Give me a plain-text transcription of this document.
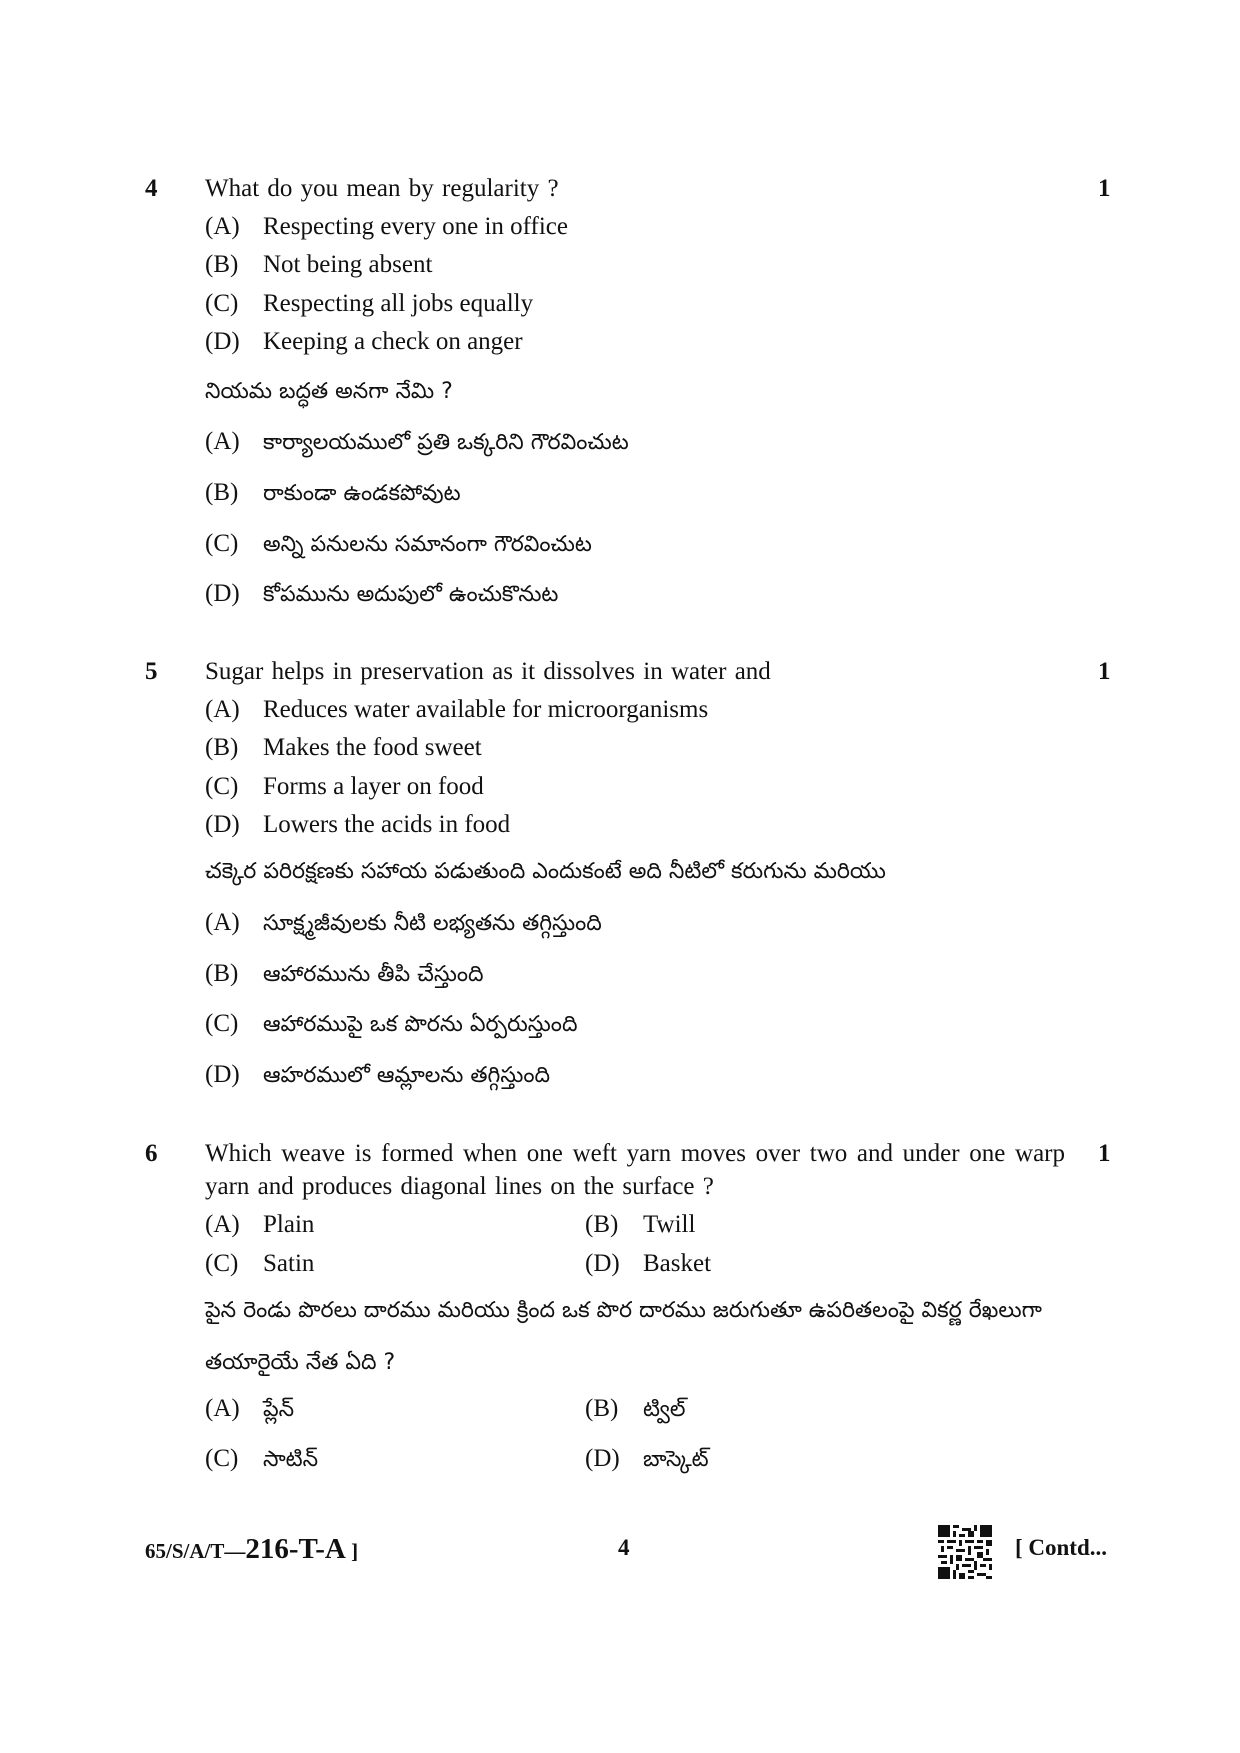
4 What do you mean by regularity ?	1
(A) Respecting every one in office
(B) Not being absent
(C) Respecting all jobs equally
(D) Keeping a check on anger
నియమ బద్ధత అనగా నేమి ?
(A) కార్యాలయములో ప్రతి ఒక్కరిని గౌరవించుట
(B) రాకుండా ఉండకపోవుట
(C) అన్ని పనులను సమానంగా గౌరవించుట
(D) కోపమును అదుపులో ఉంచుకొనుట
5 Sugar helps in preservation as it dissolves in water and	1
(A) Reduces water available for microorganisms
(B) Makes the food sweet
(C) Forms a layer on food
(D) Lowers the acids in food
చక్కెర పరిరక్షణకు సహాయ పడుతుంది ఎందుకంటే అది నీటిలో కరుగును మరియు
(A) సూక్ష్మజీవులకు నీటి లభ్యతను తగ్గిస్తుంది
(B) ఆహారమును తీపి చేస్తుంది
(C) ఆహారముపై ఒక పొరను ఏర్పరుస్తుంది
(D) ఆహరములో ఆమ్లాలను తగ్గిస్తుంది
6 Which weave is formed when one weft yarn moves over two and under one warp yarn and produces diagonal lines on the surface ?
1
(A) Plain	(B) Twill
(C) Satin	(D) Basket
పైన రెండు పొరలు దారము మరియు క్రింద ఒక పొర దారము జరుగుతూ ఉపరితలంపై వికర్ణ రేఖలుగా తయారైయే నేత ఏది ?
(A) ప్లేన్	(B) ట్విల్
(C) సాటిన్	(D) బాస్కెట్
65/S/A/T—216-T-A ]	4	[ Contd...
